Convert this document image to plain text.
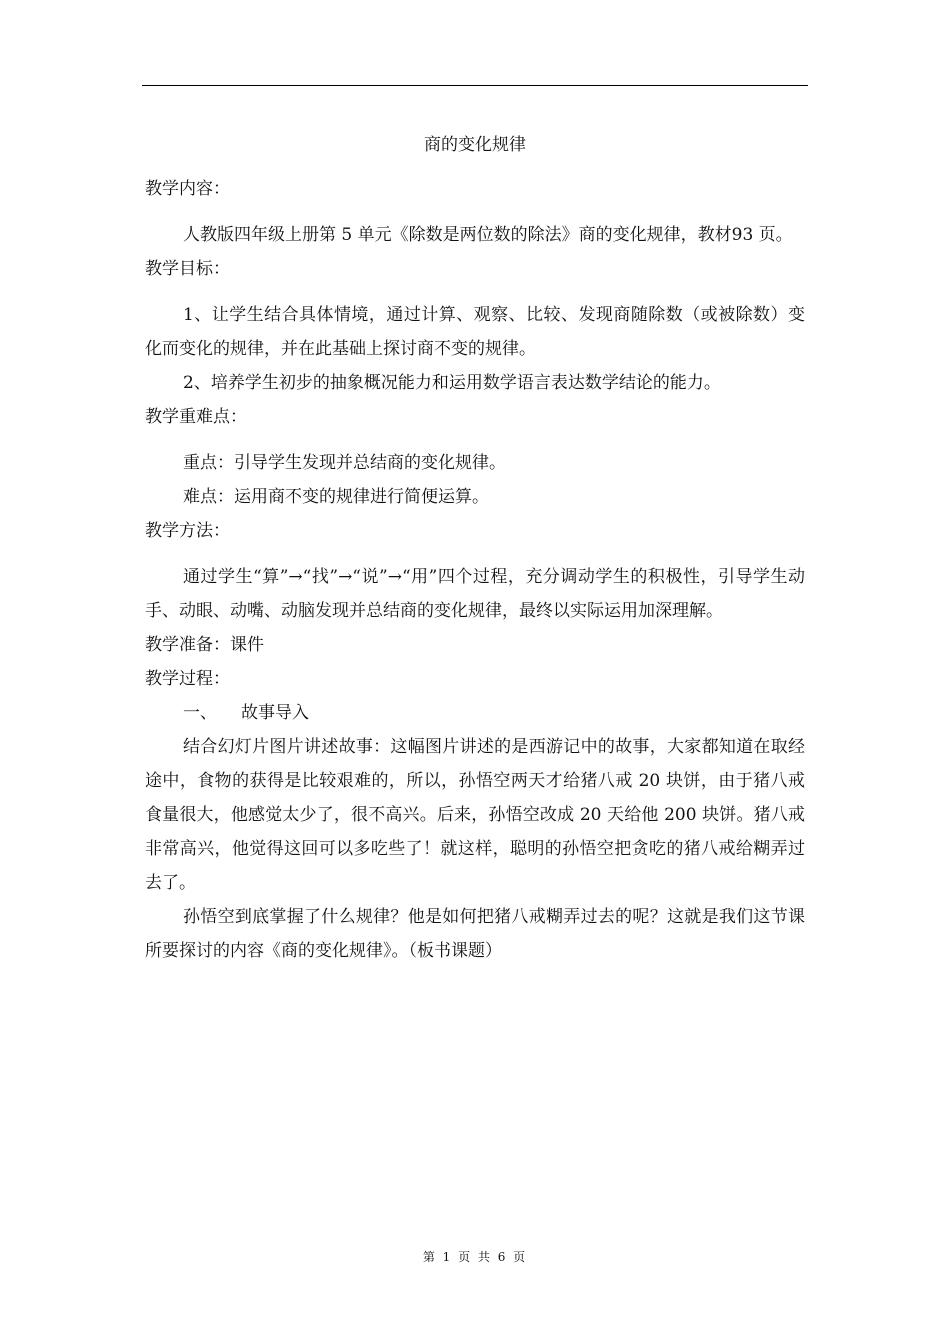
商的变化规律

教学内容：

人教版四年级上册第 5 单元《除数是两位数的除法》商的变化规律，教材93 页。

教学目标：

1、让学生结合具体情境，通过计算、观察、比较、发现商随除数（或被除数）变化而变化的规律，并在此基础上探讨商不变的规律。

2、培养学生初步的抽象概况能力和运用数学语言表达数学结论的能力。

教学重难点：

重点：引导学生发现并总结商的变化规律。

难点：运用商不变的规律进行简便运算。

教学方法：

通过学生“算”→“找”→“说”→“用”四个过程，充分调动学生的积极性，引导学生动手、动眼、动嘴、动脑发现并总结商的变化规律，最终以实际运用加深理解。

教学准备：课件

教学过程：

一、 故事导入

结合幻灯片图片讲述故事：这幅图片讲述的是西游记中的故事，大家都知道在取经途中，食物的获得是比较艰难的，所以，孙悟空两天才给猪八戒 20 块饼，由于猪八戒食量很大，他感觉太少了，很不高兴。后来，孙悟空改成 20 天给他 200 块饼。猪八戒非常高兴，他觉得这回可以多吃些了！就这样，聪明的孙悟空把贪吃的猪八戒给糊弄过去了。

孙悟空到底掌握了什么规律？他是如何把猪八戒糊弄过去的呢？这就是我们这节课所要探讨的内容《商的变化规律》。（板书课题）

第 1 页 共 6 页
